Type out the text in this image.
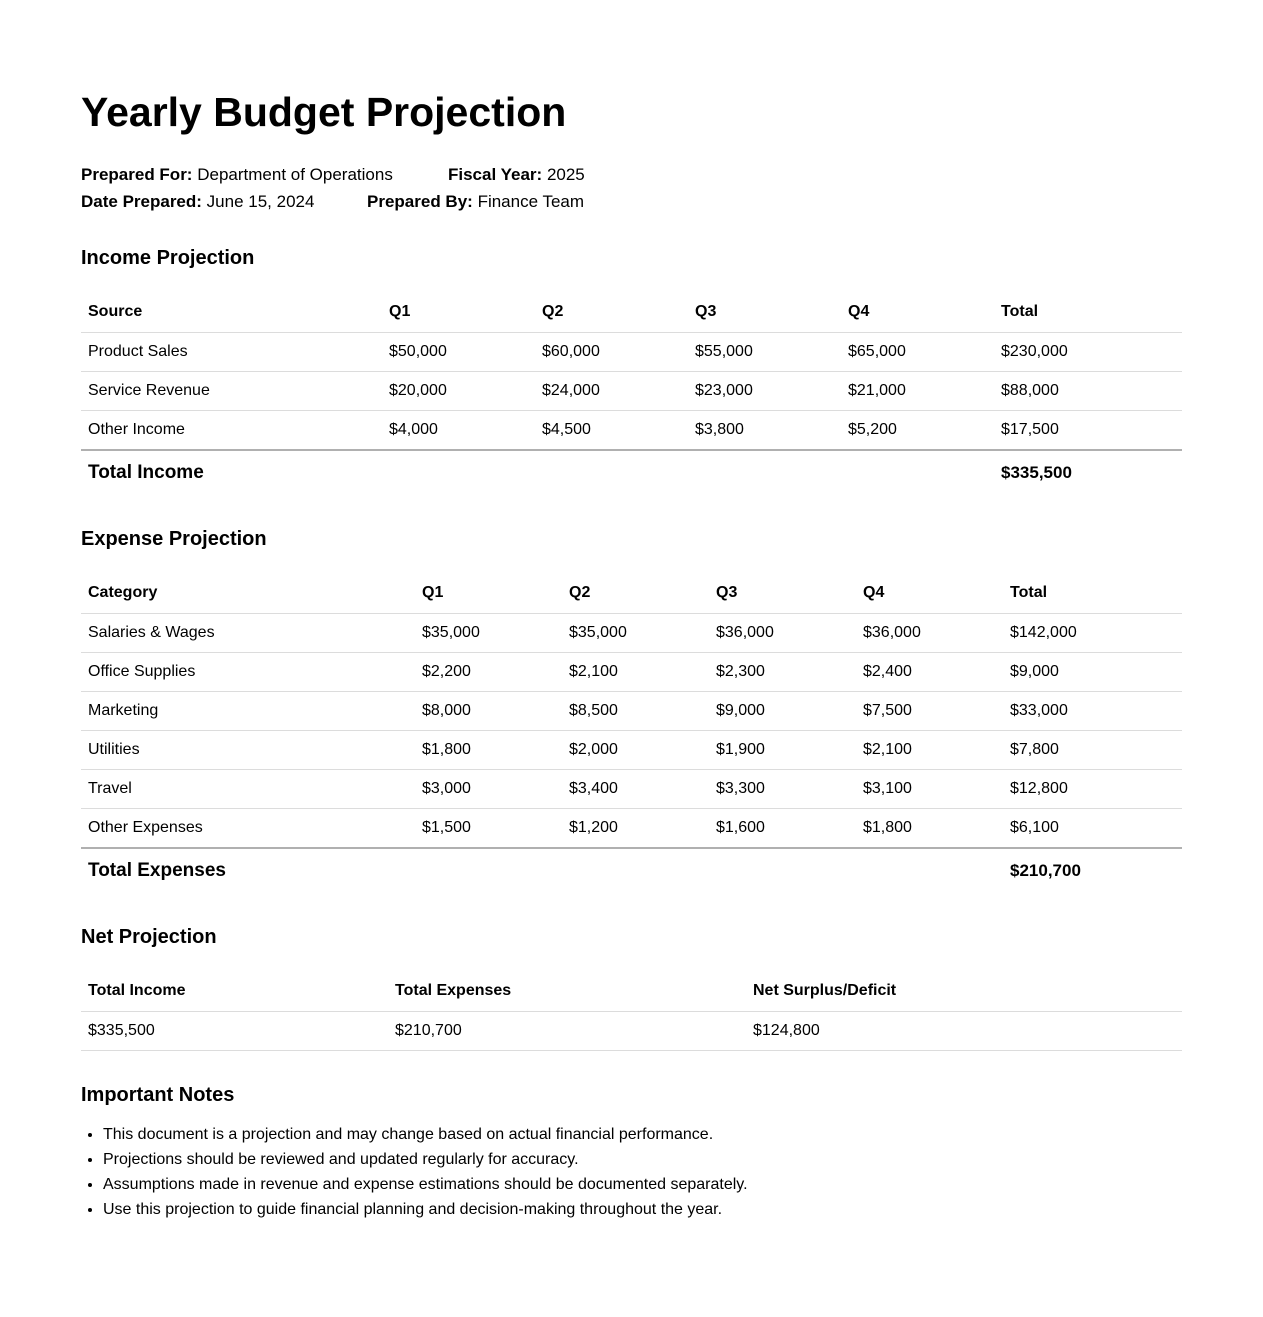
Yearly Budget Projection
Prepared For: Department of Operations	Fiscal Year: 2025
Date Prepared: June 15, 2024	Prepared By: Finance Team
Income Projection
Source	Q1	Q2	Q3	Q4	Total
Product Sales	$50,000	$60,000	$55,000	$65,000	$230,000
Service Revenue	$20,000	$24,000	$23,000	$21,000	$88,000
Other Income	$4,000	$4,500	$3,800	$5,200	$17,500
Total Income					$335,500
Expense Projection
Category	Q1	Q2	Q3	Q4	Total
Salaries & Wages	$35,000	$35,000	$36,000	$36,000	$142,000
Office Supplies	$2,200	$2,100	$2,300	$2,400	$9,000
Marketing	$8,000	$8,500	$9,000	$7,500	$33,000
Utilities	$1,800	$2,000	$1,900	$2,100	$7,800
Travel	$3,000	$3,400	$3,300	$3,100	$12,800
Other Expenses	$1,500	$1,200	$1,600	$1,800	$6,100
Total Expenses					$210,700
Net Projection
Total Income	Total Expenses	Net Surplus/Deficit
$335,500	$210,700	$124,800
Important Notes
• This document is a projection and may change based on actual financial performance.
• Projections should be reviewed and updated regularly for accuracy.
• Assumptions made in revenue and expense estimations should be documented separately.
• Use this projection to guide financial planning and decision-making throughout the year.
